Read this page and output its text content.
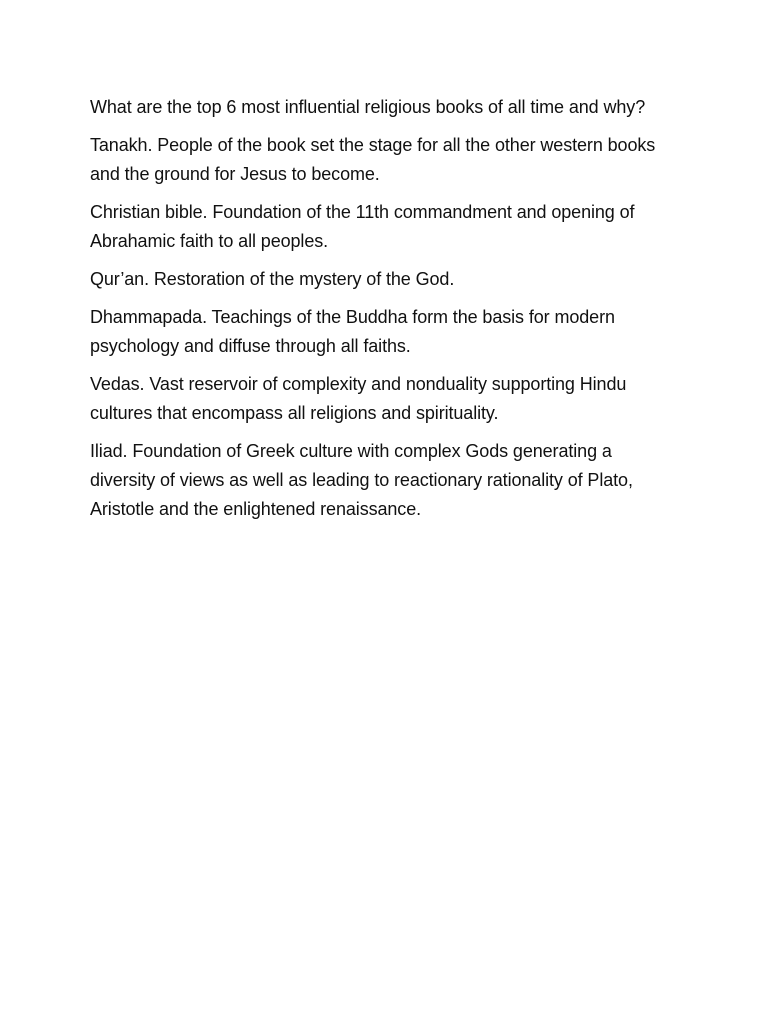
What are the top 6 most influential religious books of all time and why?

Tanakh. People of the book set the stage for all the other western books
and the ground for Jesus to become.

Christian bible. Foundation of the 11th commandment and opening of
Abrahamic faith to all peoples.

Qur’an. Restoration of the mystery of the God.

Dhammapada. Teachings of the Buddha form the basis for modern
psychology and diffuse through all faiths.

Vedas. Vast reservoir of complexity and nonduality supporting Hindu
cultures that encompass all religions and spirituality.

Iliad. Foundation of Greek culture with complex Gods generating a
diversity of views as well as leading to reactionary rationality of Plato,
Aristotle and the enlightened renaissance.
